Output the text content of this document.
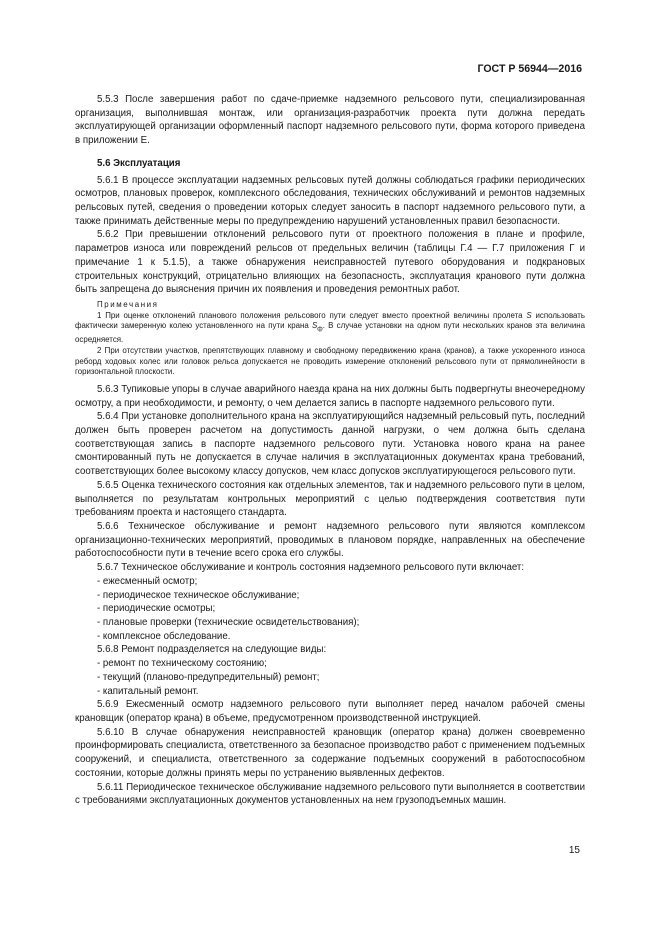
ГОСТ Р 56944—2016

5.5.3 После завершения работ по сдаче-приемке надземного рельсового пути, специализированная организация, выполнившая монтаж, или организация-разработчик проекта пути должна передать эксплуатирующей организации оформленный паспорт надземного рельсового пути, форма которого приведена в приложении Е.

5.6 Эксплуатация

5.6.1 В процессе эксплуатации надземных рельсовых путей должны соблюдаться графики периодических осмотров, плановых проверок, комплексного обследования, технических обслуживаний и ремонтов надземных рельсовых путей, сведения о проведении которых следует заносить в паспорт надземного рельсового пути, а также принимать действенные меры по предупреждению нарушений установленных правил безопасности.

5.6.2 При превышении отклонений рельсового пути от проектного положения в плане и профиле, параметров износа или повреждений рельсов от предельных величин (таблицы Г.4 — Г.7 приложения Г и примечание 1 к 5.1.5), а также обнаружения неисправностей путевого оборудования и подкрановых строительных конструкций, отрицательно влияющих на безопасность, эксплуатация кранового пути должна быть запрещена до выяснения причин их появления и проведения ремонтных работ.

Примечания

1 При оценке отклонений планового положения рельсового пути следует вместо проектной величины пролета S использовать фактически замеренную колею установленного на пути крана $S_ф$. В случае установки на одном пути нескольких кранов эта величина осредняется.

2 При отсутствии участков, препятствующих плавному и свободному передвижению крана (кранов), а также ускоренного износа реборд ходовых колес или головок рельса допускается не проводить измерение отклонений рельсового пути от прямолинейности в горизонтальной плоскости.

5.6.3 Тупиковые упоры в случае аварийного наезда крана на них должны быть подвергнуты внеочередному осмотру, а при необходимости, и ремонту, о чем делается запись в паспорте надземного рельсового пути.

5.6.4 При установке дополнительного крана на эксплуатирующийся надземный рельсовый путь, последний должен быть проверен расчетом на допустимость данной нагрузки, о чем должна быть сделана соответствующая запись в паспорте надземного рельсового пути. Установка нового крана на ранее смонтированный путь не допускается в случае наличия в эксплуатационных документах крана требований, соответствующих более высокому классу допусков, чем класс допусков эксплуатирующегося рельсового пути.

5.6.5 Оценка технического состояния как отдельных элементов, так и надземного рельсового пути в целом, выполняется по результатам контрольных мероприятий с целью подтверждения соответствия пути требованиям проекта и настоящего стандарта.

5.6.6 Техническое обслуживание и ремонт надземного рельсового пути являются комплексом организационно-технических мероприятий, проводимых в плановом порядке, направленных на обеспечение работоспособности пути в течение всего срока его службы.

5.6.7 Техническое обслуживание и контроль состояния надземного рельсового пути включает:

- ежесменный осмотр;

- периодическое техническое обслуживание;

- периодические осмотры;

- плановые проверки (технические освидетельствования);

- комплексное обследование.

5.6.8 Ремонт подразделяется на следующие виды:

- ремонт по техническому состоянию;

- текущий (планово-предупредительный) ремонт;

- капитальный ремонт.

5.6.9 Ежесменный осмотр надземного рельсового пути выполняет перед началом рабочей смены крановщик (оператор крана) в объеме, предусмотренном производственной инструкцией.

5.6.10 В случае обнаружения неисправностей крановщик (оператор крана) должен своевременно проинформировать специалиста, ответственного за безопасное производство работ с применением подъемных сооружений, и специалиста, ответственного за содержание подъемных сооружений в работоспособном состоянии, которые должны принять меры по устранению выявленных дефектов.

5.6.11 Периодическое техническое обслуживание надземного рельсового пути выполняется в соответствии с требованиями эксплуатационных документов установленных на нем грузоподъемных машин.

15
